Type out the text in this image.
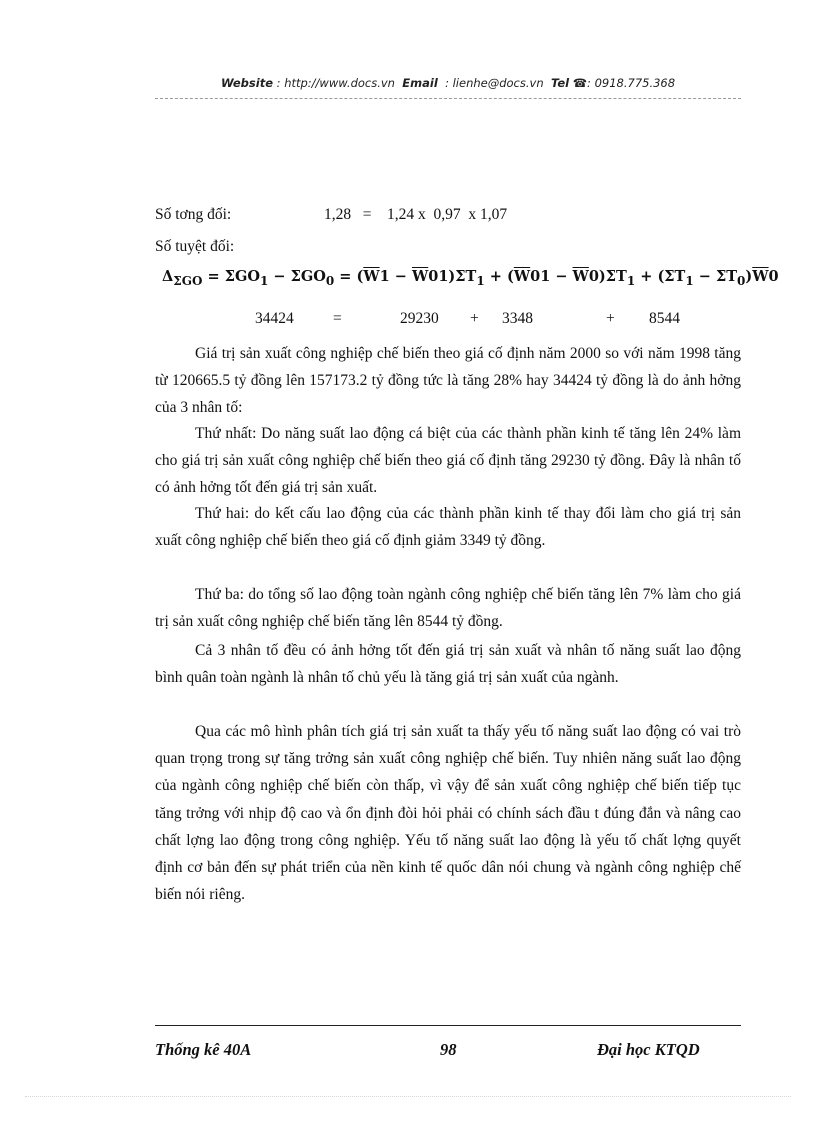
Website : http://www.docs.vn Email : lienhe@docs.vn Tel ☎: 0918.775.368
Số tơng đối:	1,28   =    1,24 x  0,97  x 1,07
Số tuyệt đối:
$\Delta_{\Sigma GO} = \Sigma GO_1 - \Sigma GO_0 = (\overline{W}1 - \overline{W}01)\Sigma T_1 + (\overline{W}01 - \overline{W}0)\Sigma T_1 + (\Sigma T_1 - \Sigma T_0)\overline{W}0$
34424	=	29230 + 3348	+ 8544

Giá trị sản xuất công nghiệp chế biến theo giá cố định năm 2000 so với năm 1998 tăng từ 120665.5 tỷ đồng lên 157173.2 tỷ đồng tức là tăng 28% hay 34424 tỷ đồng là do ảnh hởng của 3 nhân tố:

Thứ nhất: Do năng suất lao động cá biệt của các thành phần kinh tế tăng lên 24% làm cho giá trị sản xuất công nghiệp chế biến theo giá cố định tăng 29230 tỷ đồng. Đây là nhân tố có ảnh hởng tốt đến giá trị sản xuất.

Thứ hai: do kết cấu lao động của các thành phần kinh tế thay đổi làm cho giá trị sản xuất công nghiệp chế biến theo giá cố định giảm 3349 tỷ đồng.

Thứ ba: do tổng số lao động toàn ngành công nghiệp chế biến tăng lên 7% làm cho giá trị sản xuất công nghiệp chế biến tăng lên 8544 tỷ đồng.

Cả 3 nhân tố đều có ảnh hởng tốt đến giá trị sản xuất và nhân tố năng suất lao động bình quân toàn ngành là nhân tố chủ yếu là tăng giá trị sản xuất của ngành.

Qua các mô hình phân tích giá trị sản xuất ta thấy yếu tố năng suất lao động có vai trò quan trọng trong sự tăng trởng sản xuất công nghiệp chế biến. Tuy nhiên năng suất lao động của ngành công nghiệp chế biến còn thấp, vì vậy để sản xuất công nghiệp chế biến tiếp tục tăng trởng với nhịp độ cao và ổn định đòi hỏi phải có chính sách đầu t đúng đắn và nâng cao chất lợng lao động trong công nghiệp. Yếu tố năng suất lao động là yếu tố chất lợng quyết định cơ bản đến sự phát triển của nền kinh tế quốc dân nói chung và ngành công nghiệp chế biến nói riêng.

Thống kê 40A	98	Đại học KTQD
